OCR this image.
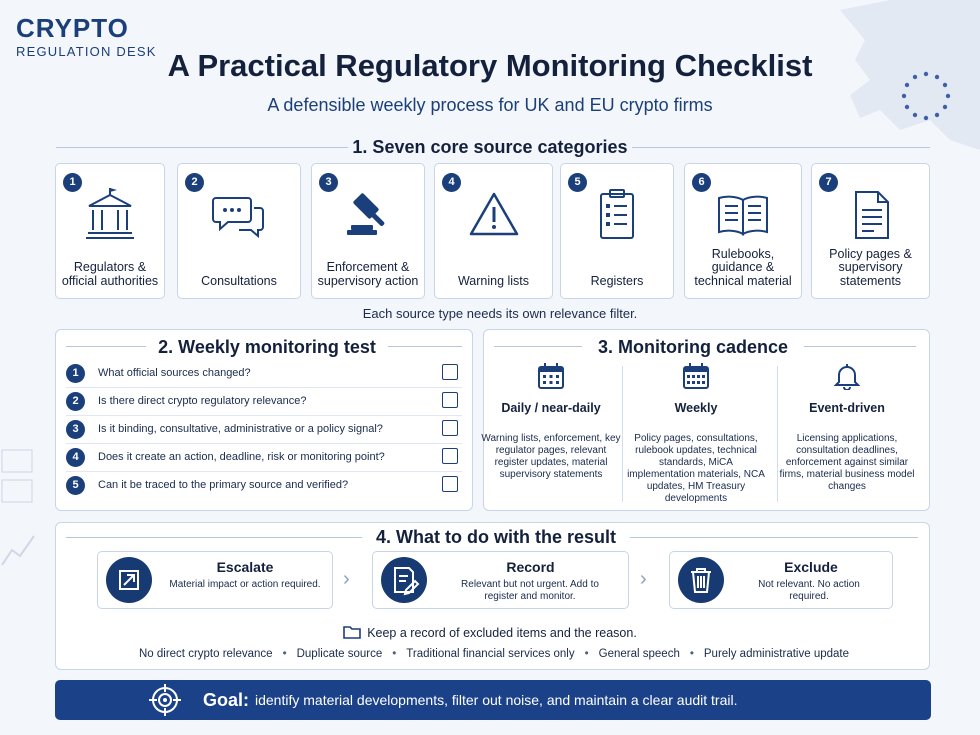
CRYPTO
REGULATION DESK A Practical Regulatory Monitoring Checklist
A defensible weekly process for UK and EU crypto firms
1. Seven core source categories
1
Regulators & official authorities
2
Consultations
3
Enforcement & supervisory action
4
Warning lists
5
Registers
6
Rulebooks, guidance & technical material
7
Policy pages & supervisory statements
Each source type needs its own relevance filter.
2. Weekly monitoring test
1	What official sources changed?
2	Is there direct crypto regulatory relevance?
3	Is it binding, consultative, administrative or a policy signal?
4	Does it create an action, deadline, risk or monitoring point?
5	Can it be traced to the primary source and verified?
3. Monitoring cadence
Daily / near-daily
Warning lists, enforcement, key regulator pages, relevant register updates, material supervisory statements
Weekly
Policy pages, consultations, rulebook updates, technical standards, MiCA implementation materials, NCA updates, HM Treasury developments
Event-driven
Licensing applications, consultation deadlines, enforcement against similar firms, material business model changes
4. What to do with the result
Escalate
Material impact or action required.	›
Record
Relevant but not urgent. Add to register and monitor.
›
Exclude
Not relevant. No action required.
Keep a record of excluded items and the reason.
No direct crypto relevance • Duplicate source • Traditional financial services only • General speech • Purely administrative update
Goal: identify material developments, filter out noise, and maintain a clear audit trail.
